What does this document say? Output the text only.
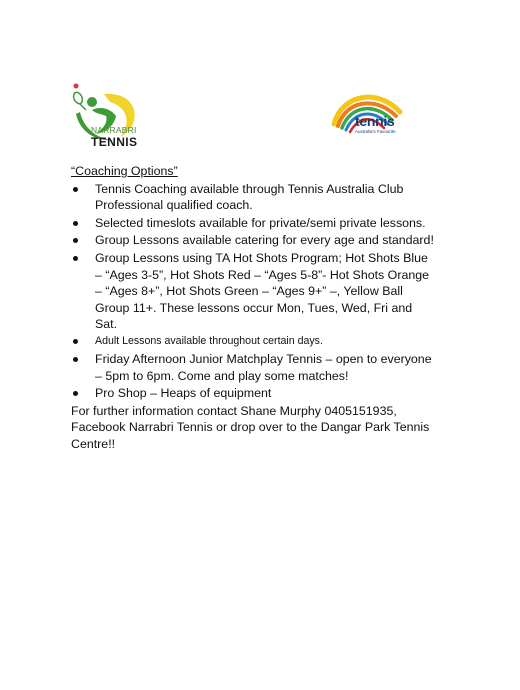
NARRABRI
TENNIS
tennis
Australia's Favourite
“Coaching Options”
Tennis Coaching available through Tennis Australia Club Professional qualified coach.
Selected timeslots available for private/semi private lessons.
Group Lessons available catering for every age and standard!
Group Lessons using TA Hot Shots Program; Hot Shots Blue – “Ages 3-5”, Hot Shots Red – “Ages 5-8”- Hot Shots Orange – “Ages 8+”, Hot Shots Green – “Ages 9+” –, Yellow Ball Group 11+. These lessons occur Mon, Tues, Wed, Fri and Sat.
Adult Lessons available throughout certain days.
Friday Afternoon Junior Matchplay Tennis – open to everyone – 5pm to 6pm. Come and play some matches!
Pro Shop – Heaps of equipment
For further information contact Shane Murphy 0405151935, Facebook Narrabri Tennis or drop over to the Dangar Park Tennis Centre!!
